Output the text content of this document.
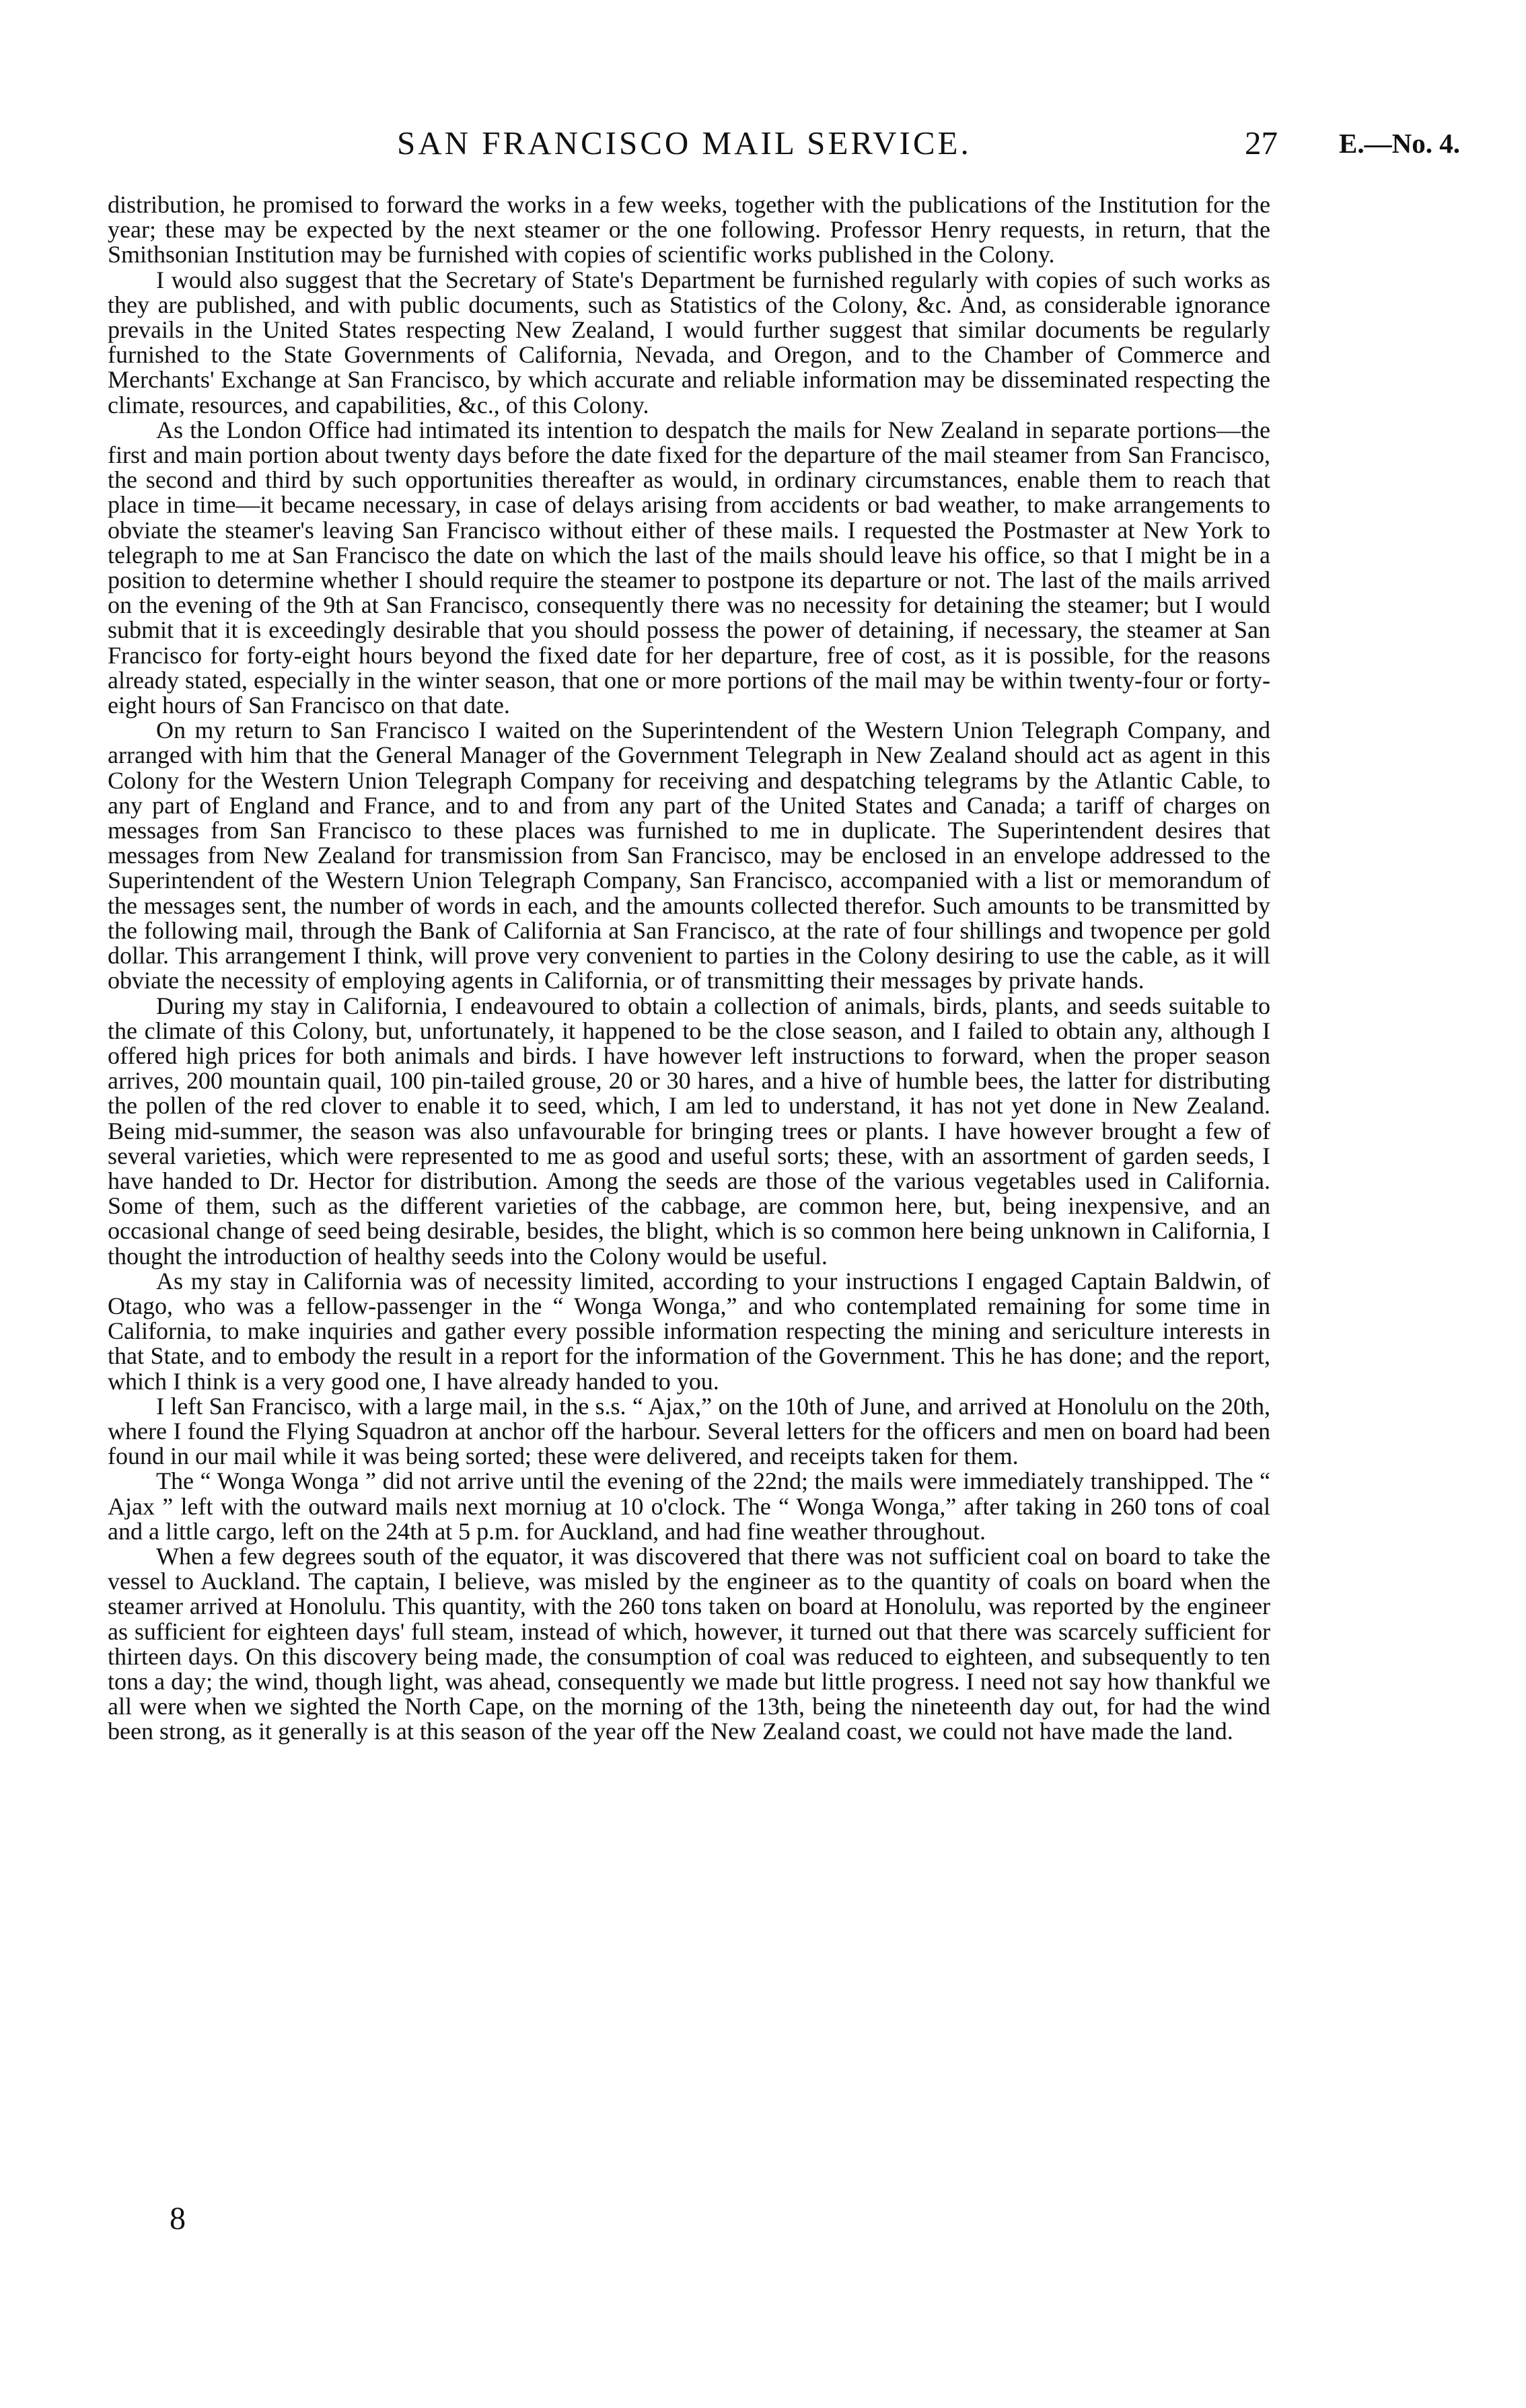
SAN FRANCISCO MAIL SERVICE.	27 E.—No. 4.

distribution, he promised to forward the works in a few weeks, together with the publications of the Institution for the year; these may be expected by the next steamer or the one following. Professor Henry requests, in return, that the Smithsonian Institution may be furnished with copies of scientific works published in the Colony.

I would also suggest that the Secretary of State's Department be furnished regularly with copies of such works as they are published, and with public documents, such as Statistics of the Colony, &c. And, as considerable ignorance prevails in the United States respecting New Zealand, I would further suggest that similar documents be regularly furnished to the State Governments of California, Nevada, and Oregon, and to the Chamber of Commerce and Merchants' Exchange at San Francisco, by which accurate and reliable information may be disseminated respecting the climate, resources, and capabilities, &c., of this Colony.

As the London Office had intimated its intention to despatch the mails for New Zealand in separate portions—the first and main portion about twenty days before the date fixed for the departure of the mail steamer from San Francisco, the second and third by such opportunities thereafter as would, in ordinary circumstances, enable them to reach that place in time—it became necessary, in case of delays arising from accidents or bad weather, to make arrangements to obviate the steamer's leaving San Francisco without either of these mails. I requested the Postmaster at New York to telegraph to me at San Francisco the date on which the last of the mails should leave his office, so that I might be in a position to determine whether I should require the steamer to postpone its departure or not. The last of the mails arrived on the evening of the 9th at San Francisco, consequently there was no necessity for detaining the steamer; but I would submit that it is exceedingly desirable that you should possess the power of detaining, if necessary, the steamer at San Francisco for forty-eight hours beyond the fixed date for her departure, free of cost, as it is possible, for the reasons already stated, especially in the winter season, that one or more portions of the mail may be within twenty-four or forty-eight hours of San Francisco on that date.

On my return to San Francisco I waited on the Superintendent of the Western Union Telegraph Company, and arranged with him that the General Manager of the Government Telegraph in New Zealand should act as agent in this Colony for the Western Union Telegraph Company for receiving and despatching telegrams by the Atlantic Cable, to any part of England and France, and to and from any part of the United States and Canada; a tariff of charges on messages from San Francisco to these places was furnished to me in duplicate. The Superintendent desires that messages from New Zealand for transmission from San Francisco, may be enclosed in an envelope addressed to the Superintendent of the Western Union Telegraph Company, San Francisco, accompanied with a list or memorandum of the messages sent, the number of words in each, and the amounts collected therefor. Such amounts to be transmitted by the following mail, through the Bank of California at San Francisco, at the rate of four shillings and twopence per gold dollar. This arrangement I think, will prove very convenient to parties in the Colony desiring to use the cable, as it will obviate the necessity of employing agents in California, or of transmitting their messages by private hands.

During my stay in California, I endeavoured to obtain a collection of animals, birds, plants, and seeds suitable to the climate of this Colony, but, unfortunately, it happened to be the close season, and I failed to obtain any, although I offered high prices for both animals and birds. I have however left instructions to forward, when the proper season arrives, 200 mountain quail, 100 pin-tailed grouse, 20 or 30 hares, and a hive of humble bees, the latter for distributing the pollen of the red clover to enable it to seed, which, I am led to understand, it has not yet done in New Zealand. Being mid-summer, the season was also unfavourable for bringing trees or plants. I have however brought a few of several varieties, which were represented to me as good and useful sorts; these, with an assortment of garden seeds, I have handed to Dr. Hector for distribution. Among the seeds are those of the various vegetables used in California. Some of them, such as the different varieties of the cabbage, are common here, but, being inexpensive, and an occasional change of seed being desirable, besides, the blight, which is so common here being unknown in California, I thought the introduction of healthy seeds into the Colony would be useful.

As my stay in California was of necessity limited, according to your instructions I engaged Captain Baldwin, of Otago, who was a fellow-passenger in the “ Wonga Wonga,” and who contemplated remaining for some time in California, to make inquiries and gather every possible information respecting the mining and sericulture interests in that State, and to embody the result in a report for the information of the Government. This he has done; and the report, which I think is a very good one, I have already handed to you.

I left San Francisco, with a large mail, in the s.s. “ Ajax,” on the 10th of June, and arrived at Honolulu on the 20th, where I found the Flying Squadron at anchor off the harbour. Several letters for the officers and men on board had been found in our mail while it was being sorted; these were delivered, and receipts taken for them.

The “ Wonga Wonga ” did not arrive until the evening of the 22nd; the mails were immediately transhipped. The “ Ajax ” left with the outward mails next morniug at 10 o'clock. The “ Wonga Wonga,” after taking in 260 tons of coal and a little cargo, left on the 24th at 5 p.m. for Auckland, and had fine weather throughout.

When a few degrees south of the equator, it was discovered that there was not sufficient coal on board to take the vessel to Auckland. The captain, I believe, was misled by the engineer as to the quantity of coals on board when the steamer arrived at Honolulu. This quantity, with the 260 tons taken on board at Honolulu, was reported by the engineer as sufficient for eighteen days' full steam, instead of which, however, it turned out that there was scarcely sufficient for thirteen days. On this discovery being made, the consumption of coal was reduced to eighteen, and subsequently to ten tons a day; the wind, though light, was ahead, consequently we made but little progress. I need not say how thankful we all were when we sighted the North Cape, on the morning of the 13th, being the nineteenth day out, for had the wind been strong, as it generally is at this season of the year off the New Zealand coast, we could not have made the land.

8
